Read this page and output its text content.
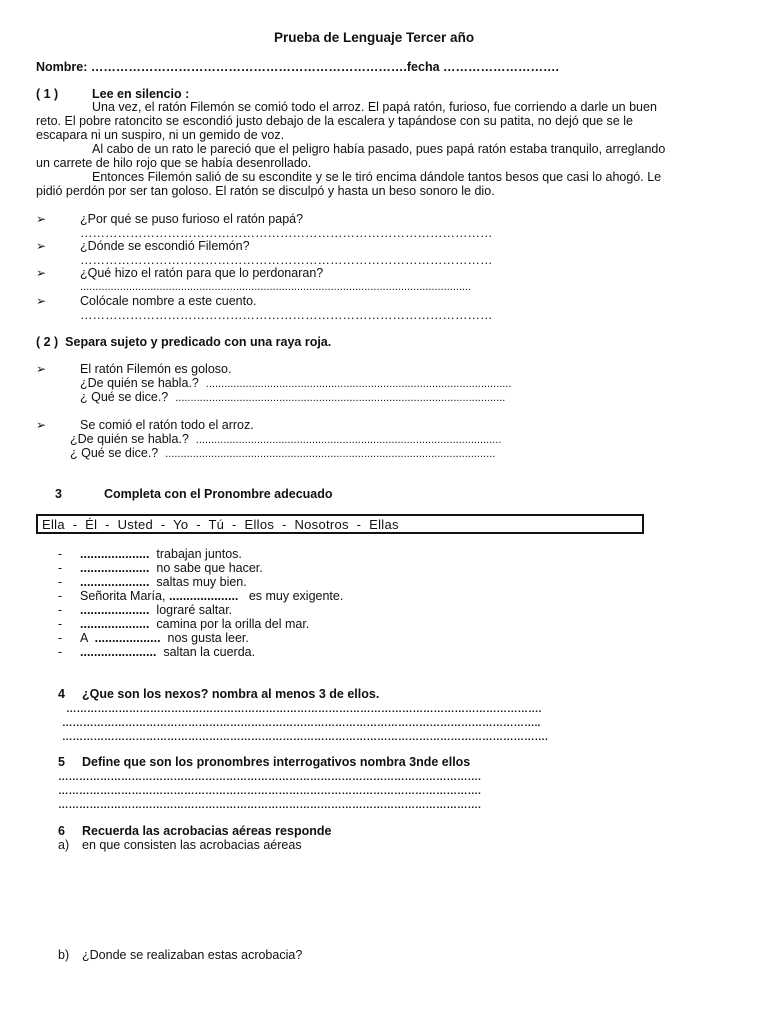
Prueba de Lenguaje Tercer año
Nombre: ………………………………………………………………….fecha ……………………….
( 1 )	Lee en silencio :
Una vez, el ratón Filemón se comió todo el arroz. El papá ratón, furioso, fue corriendo a darle un buen
reto. El pobre ratoncito se escondió justo debajo de la escalera y tapándose con su patita, no dejó que se le
escapara ni un suspiro, ni un gemido de voz.
Al cabo de un rato le pareció que el peligro había pasado, pues papá ratón estaba tranquilo, arreglando
un carrete de hilo rojo que se había desenrollado.
Entonces Filemón salió de su escondite y se le tiró encima dándole tantos besos que casi lo ahogó. Le
pidió perdón por ser tan goloso. El ratón se disculpó y hasta un beso sonoro le dio.
➢	¿Por qué se puso furioso el ratón papá?
………………………………………………………………………………………
➢	¿Dónde se escondió Filemón?
………………………………………………………………………………………
➢	¿Qué hizo el ratón para que lo perdonaran?
................................................................................................................................
➢	Colócale nombre a este cuento.
………………………………………………………………………………………
( 2 )  Separa sujeto y predicado con una raya roja.
➢	El ratón Filemón es goloso.
¿De quién se habla.? ....................................................................................................
¿ Qué se dice.? ............................................................................................................
➢	Se comió el ratón todo el arroz.
¿De quién se habla.? ....................................................................................................
¿ Qué se dice.? ............................................................................................................
3	Completa con el Pronombre adecuado
Ella  -  Él  -  Usted  -  Yo  -  Tú  -  Ellos  -  Nosotros  -  Ellas
- ....................  trabajan juntos.
- ....................  no sabe que hacer.
- ....................  saltas muy bien.
- Señorita María, ....................   es muy exigente.
- ....................  lograré saltar.
- ....................  camina por la orilla del mar.
- A  ...................  nos gusta leer.
- ......................  saltan la cuerda.
4 ¿Que son los nexos? nombra al menos 3 de ellos.
……………………………………………………………………………………………………………………….
………………………………………………………………………………………………………………………..
………………………………………………………………………………………………………………………….
5 Define que son los pronombres interrogativos nombra 3nde ellos
………………………………………………………………………………………………………….
………………………………………………………………………………………………………….
………………………………………………………………………………………………………….
6 Recuerda las acrobacias aéreas responde
a) en que consisten las acrobacias aéreas
b) ¿Donde se realizaban estas acrobacia?
